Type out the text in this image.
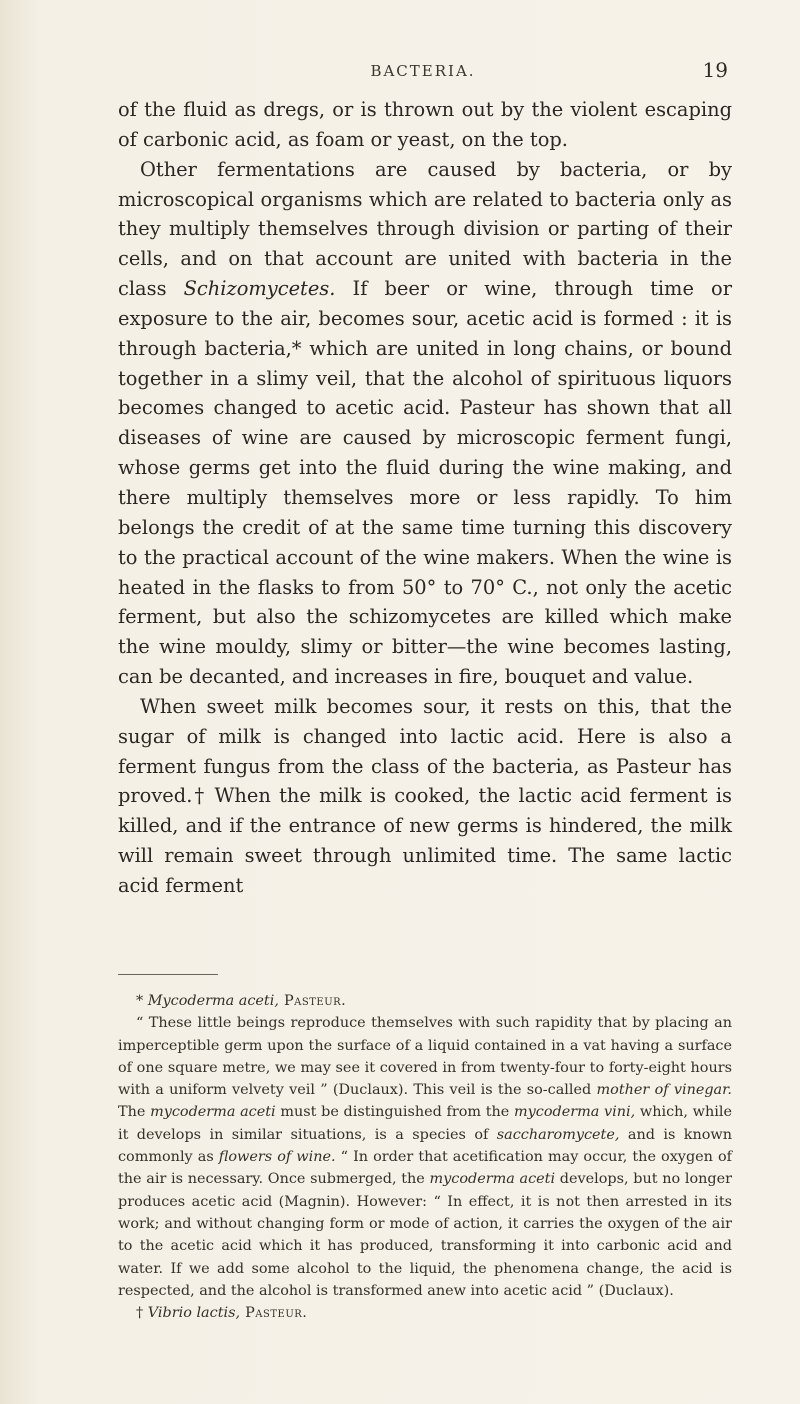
BACTERIA.	19

of the fluid as dregs, or is thrown out by the violent escaping of carbonic acid, as foam or yeast, on the top.

Other fermentations are caused by bacteria, or by microscopical organisms which are related to bacteria only as they multiply themselves through division or parting of their cells, and on that account are united with bacteria in the class Schizomycetes. If beer or wine, through time or exposure to the air, becomes sour, acetic acid is formed : it is through bacteria,* which are united in long chains, or bound together in a slimy veil, that the alcohol of spirituous liquors becomes changed to acetic acid. Pasteur has shown that all diseases of wine are caused by microscopic ferment fungi, whose germs get into the fluid during the wine making, and there multiply themselves more or less rapidly. To him belongs the credit of at the same time turning this discovery to the practical account of the wine makers. When the wine is heated in the flasks to from 50° to 70° C., not only the acetic ferment, but also the schizomycetes are killed which make the wine mouldy, slimy or bitter—the wine becomes lasting, can be decanted, and increases in fire, bouquet and value.

When sweet milk becomes sour, it rests on this, that the sugar of milk is changed into lactic acid. Here is also a ferment fungus from the class of the bacteria, as Pasteur has proved.† When the milk is cooked, the lactic acid ferment is killed, and if the entrance of new germs is hindered, the milk will remain sweet through unlimited time. The same lactic acid ferment

* Mycoderma aceti, Pasteur.

“ These little beings reproduce themselves with such rapidity that by placing an imperceptible germ upon the surface of a liquid contained in a vat having a surface of one square metre, we may see it covered in from twenty-four to forty-eight hours with a uniform velvety veil ” (Duclaux). This veil is the so-called mother of vinegar. The mycoderma aceti must be distinguished from the mycoderma vini, which, while it develops in similar situations, is a species of saccharomycete, and is known commonly as flowers of wine. “ In order that acetification may occur, the oxygen of the air is necessary. Once submerged, the mycoderma aceti develops, but no longer produces acetic acid (Magnin). However: “ In effect, it is not then arrested in its work; and without changing form or mode of action, it carries the oxygen of the air to the acetic acid which it has produced, transforming it into carbonic acid and water. If we add some alcohol to the liquid, the phenomena change, the acid is respected, and the alcohol is transformed anew into acetic acid ” (Duclaux).

† Vibrio lactis, Pasteur.
